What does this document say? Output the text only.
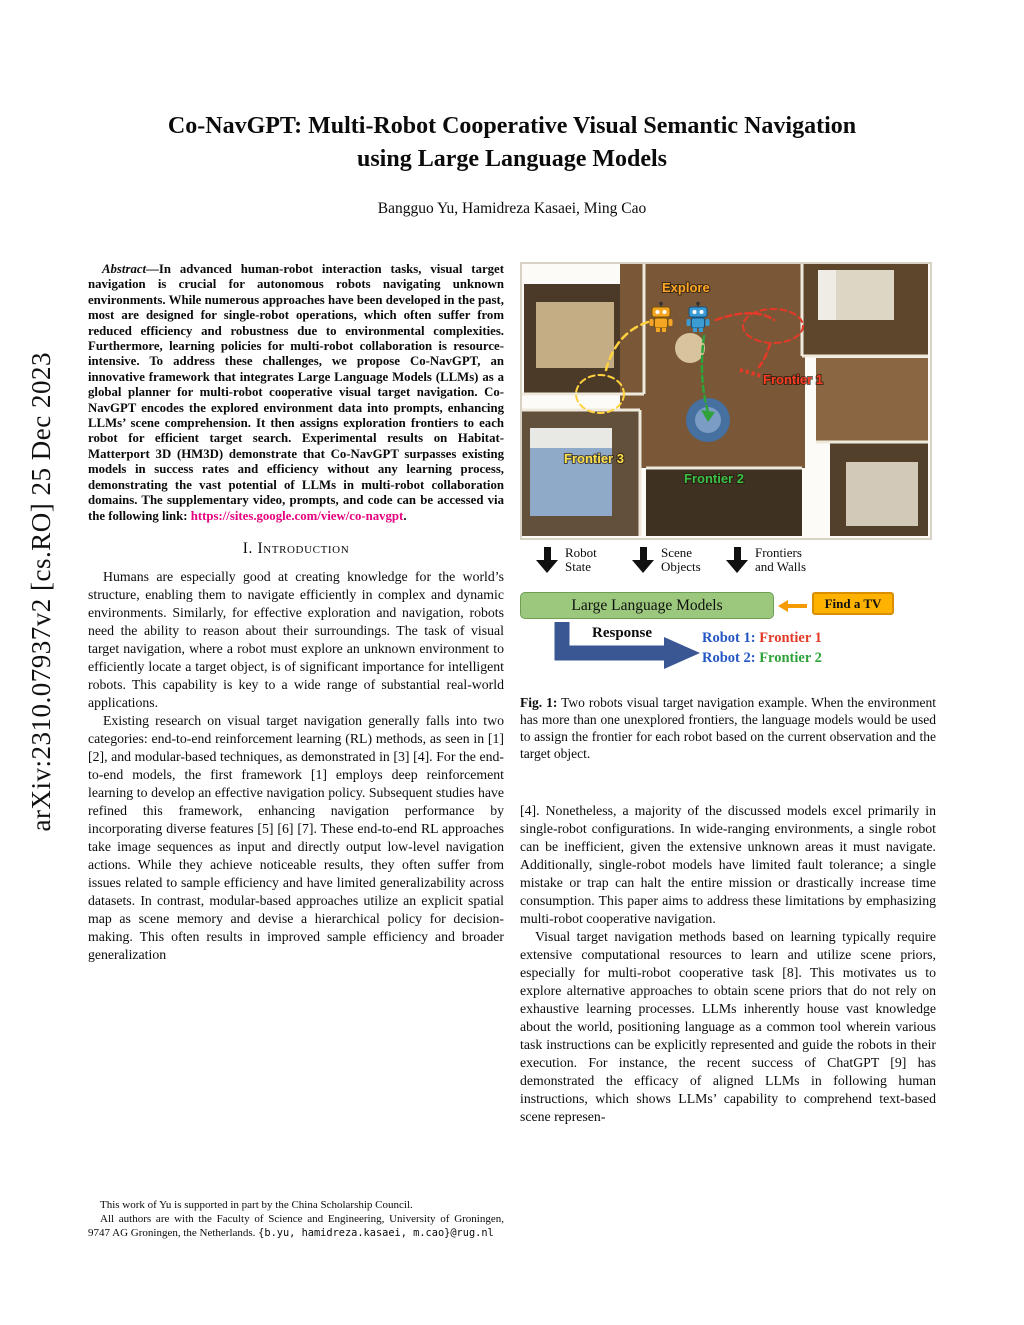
arXiv:2310.07937v2 [cs.RO] 25 Dec 2023
Co-NavGPT: Multi-Robot Cooperative Visual Semantic Navigation
using Large Language Models
Bangguo Yu, Hamidreza Kasaei, Ming Cao

Abstract—In advanced human-robot interaction tasks, visual target navigation is crucial for autonomous robots navigating unknown environments. While numerous approaches have been developed in the past, most are designed for single-robot operations, which often suffer from reduced efficiency and robustness due to environmental complexities. Furthermore, learning policies for multi-robot collaboration is resource-intensive. To address these challenges, we propose Co-NavGPT, an innovative framework that integrates Large Language Models (LLMs) as a global planner for multi-robot cooperative visual target navigation. Co-NavGPT encodes the explored environment data into prompts, enhancing LLMs’ scene comprehension. It then assigns exploration frontiers to each robot for efficient target search. Experimental results on Habitat-Matterport 3D (HM3D) demonstrate that Co-NavGPT surpasses existing models in success rates and efficiency without any learning process, demonstrating the vast potential of LLMs in multi-robot collaboration domains. The supplementary video, prompts, and code can be accessed via the following link: https://sites.google.com/view/co-navgpt.

I. Introduction

Humans are especially good at creating knowledge for the world’s structure, enabling them to navigate efficiently in complex and dynamic environments. Similarly, for effective exploration and navigation, robots need the ability to reason about their surroundings. The task of visual target navigation, where a robot must explore an unknown environment to efficiently locate a target object, is of significant importance for intelligent robots. This capability is key to a wide range of substantial real-world applications.

Existing research on visual target navigation generally falls into two categories: end-to-end reinforcement learning (RL) methods, as seen in [1] [2], and modular-based techniques, as demonstrated in [3] [4]. For the end-to-end models, the first framework [1] employs deep reinforcement learning to develop an effective navigation policy. Subsequent studies have refined this framework, enhancing navigation performance by incorporating diverse features [5] [6] [7]. These end-to-end RL approaches take image sequences as input and directly output low-level navigation actions. While they achieve noticeable results, they often suffer from issues related to sample efficiency and have limited generalizability across datasets. In contrast, modular-based approaches utilize an explicit spatial map as scene memory and devise a hierarchical policy for decision-making. This often results in improved sample efficiency and broader generalization

This work of Yu is supported in part by the China Scholarship Council.

All authors are with the Faculty of Science and Engineering, University of Groningen, 9747 AG Groningen, the Netherlands. {b.yu, hamidreza.kasaei, m.cao}@rug.nl

Explore
Frontier 1
Frontier 2
Frontier 3
Robot
State
Scene
Objects
Frontiers
and Walls
Large Language Models	Find a TV
Response	Robot 1: Frontier 1
Robot 2: Frontier 2
Fig. 1: Two robots visual target navigation example. When the environment has more than one unexplored frontiers, the language models would be used to assign the frontier for each robot based on the current observation and the target object.

[4]. Nonetheless, a majority of the discussed models excel primarily in single-robot configurations. In wide-ranging environments, a single robot can be inefficient, given the extensive unknown areas it must navigate. Additionally, single-robot models have limited fault tolerance; a single mistake or trap can halt the entire mission or drastically increase time consumption. This paper aims to address these limitations by emphasizing multi-robot cooperative navigation.

Visual target navigation methods based on learning typically require extensive computational resources to learn and utilize scene priors, especially for multi-robot cooperative task [8]. This motivates us to explore alternative approaches to obtain scene priors that do not rely on exhaustive learning processes. LLMs inherently house vast knowledge about the world, positioning language as a common tool wherein various task instructions can be explicitly represented and guide the robots in their execution. For instance, the recent success of ChatGPT [9] has demonstrated the efficacy of aligned LLMs in following human instructions, which shows LLMs’ capability to comprehend text-based scene represen-
